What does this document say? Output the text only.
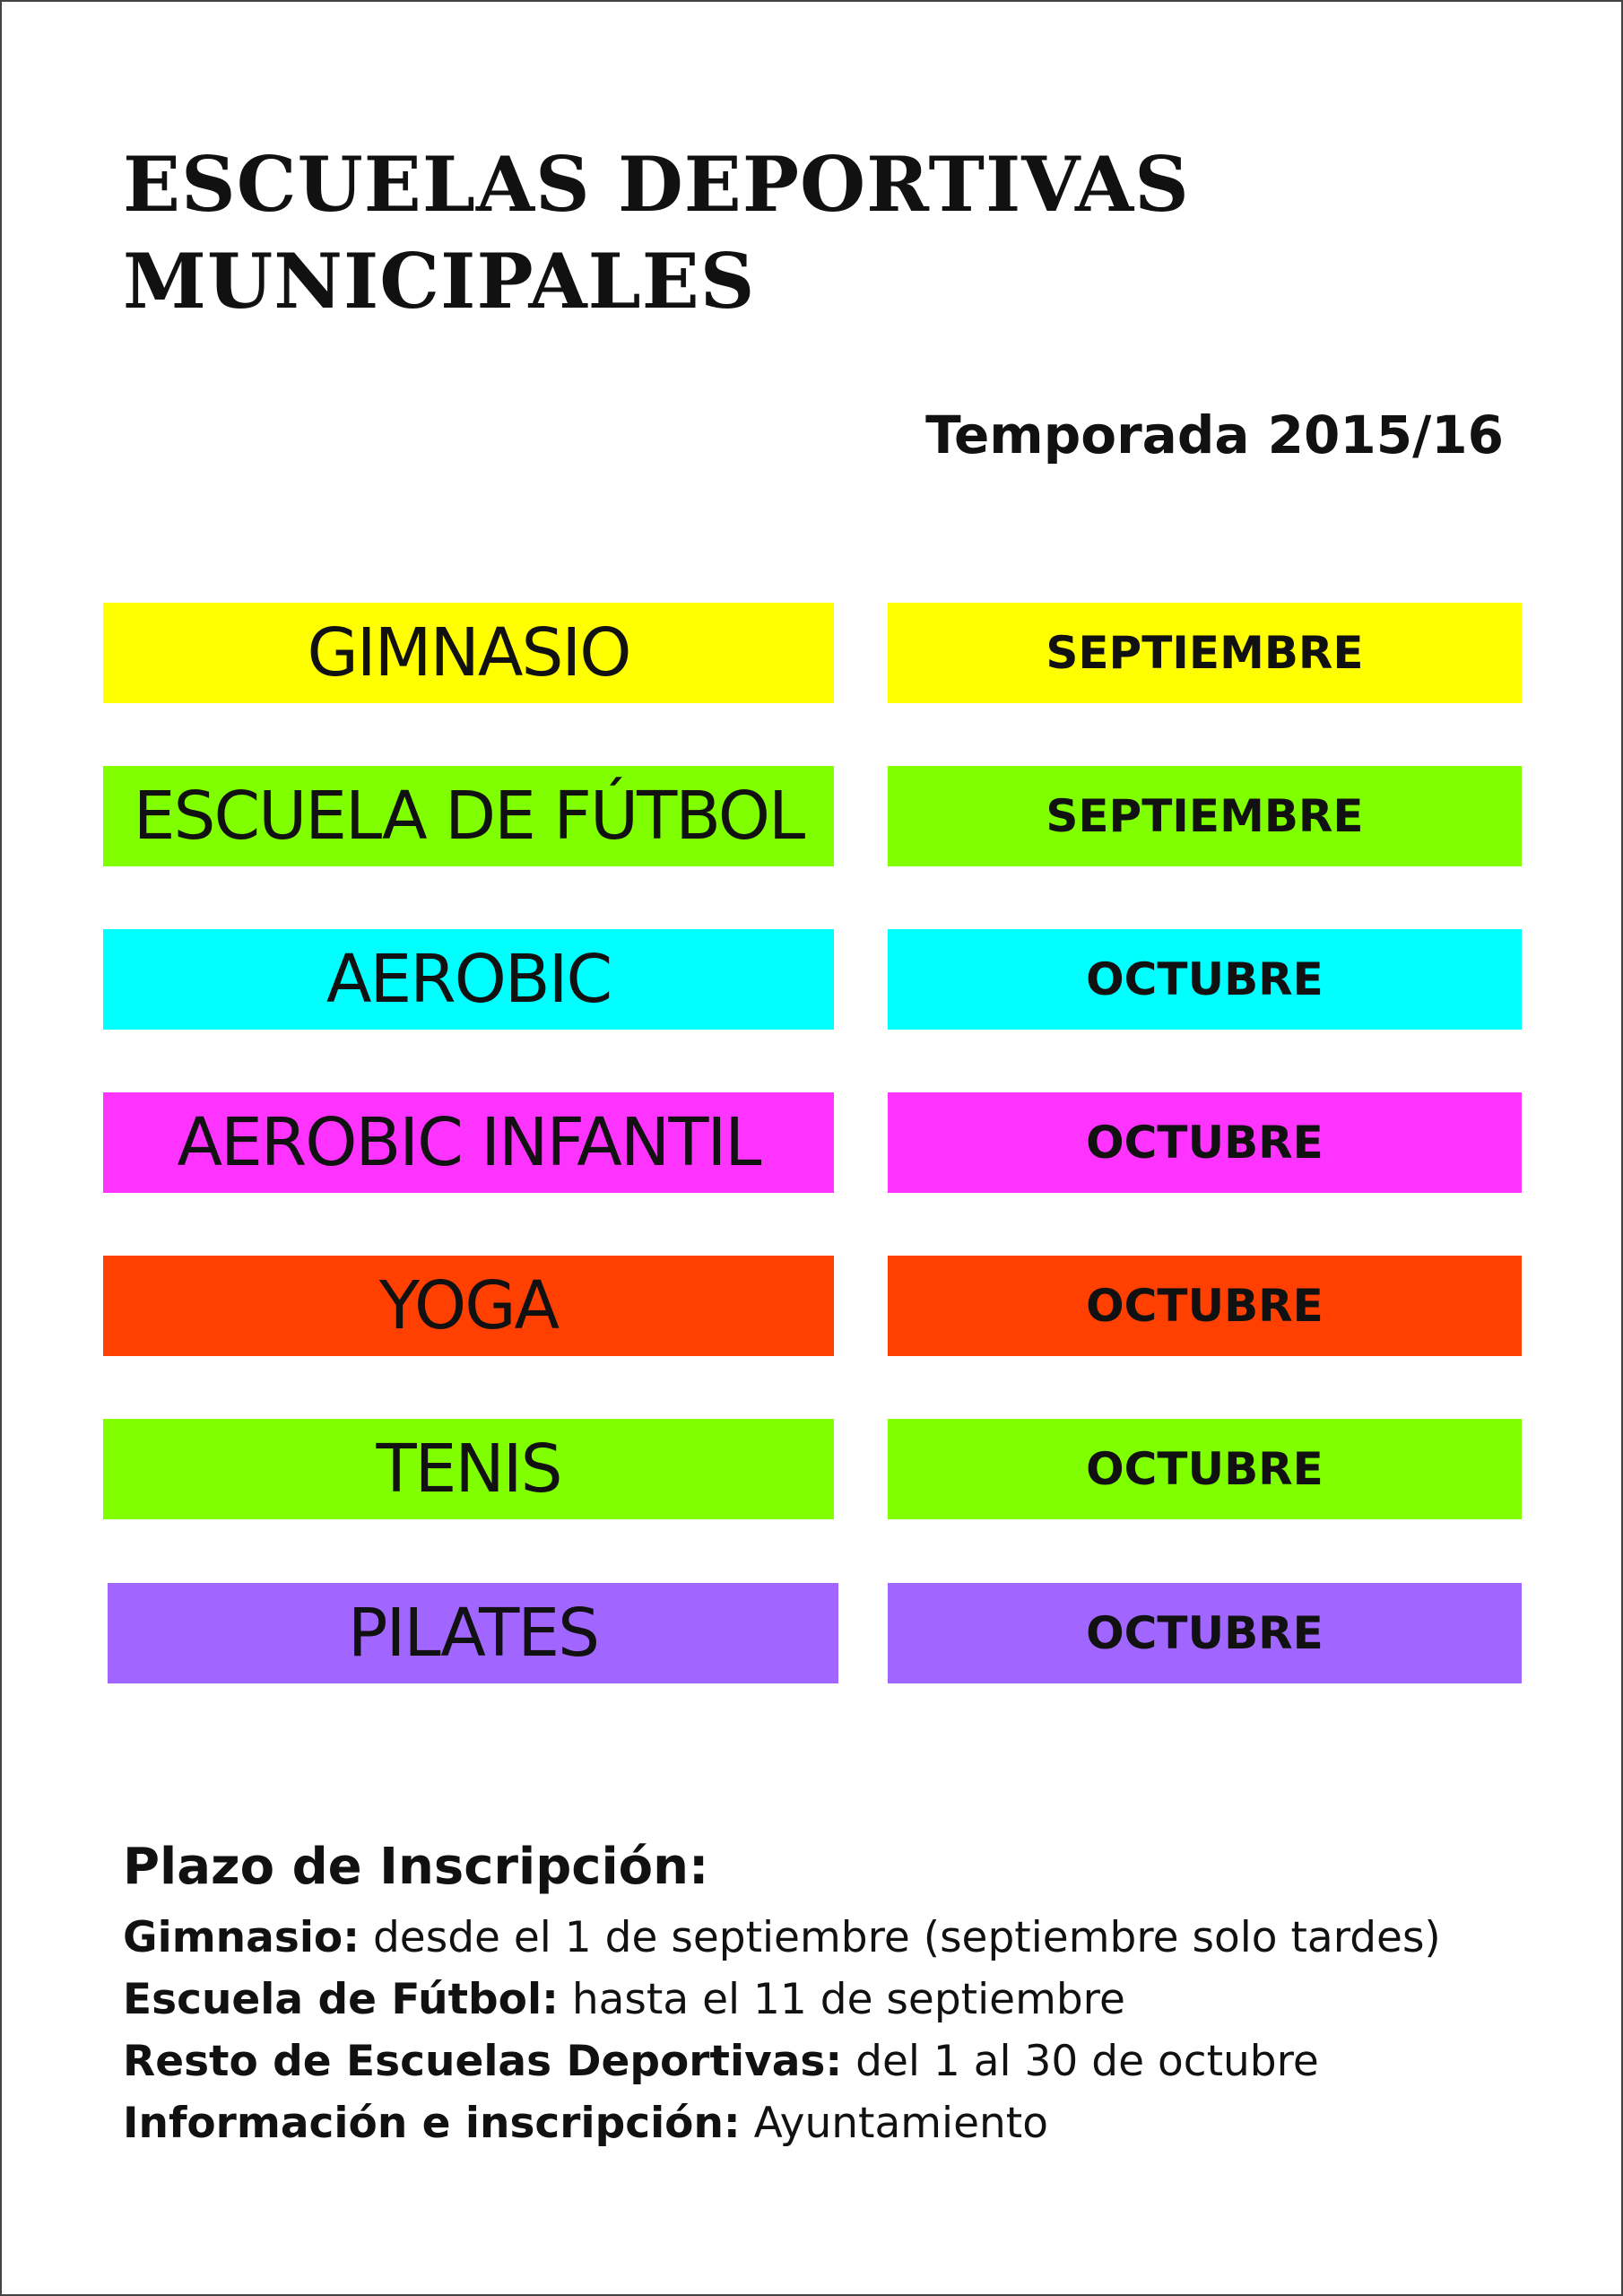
ESCUELAS DEPORTIVAS
MUNICIPALES
Temporada 2015/16
GIMNASIO	SEPTIEMBRE
ESCUELA DE FÚTBOL	SEPTIEMBRE
AEROBIC	OCTUBRE
AEROBIC INFANTIL	OCTUBRE
YOGA	OCTUBRE
TENIS	OCTUBRE
PILATES	OCTUBRE
Plazo de Inscripción:
Gimnasio: desde el 1 de septiembre (septiembre solo tardes)
Escuela de Fútbol: hasta el 11 de septiembre
Resto de Escuelas Deportivas: del 1 al 30 de octubre
Información e inscripción: Ayuntamiento
